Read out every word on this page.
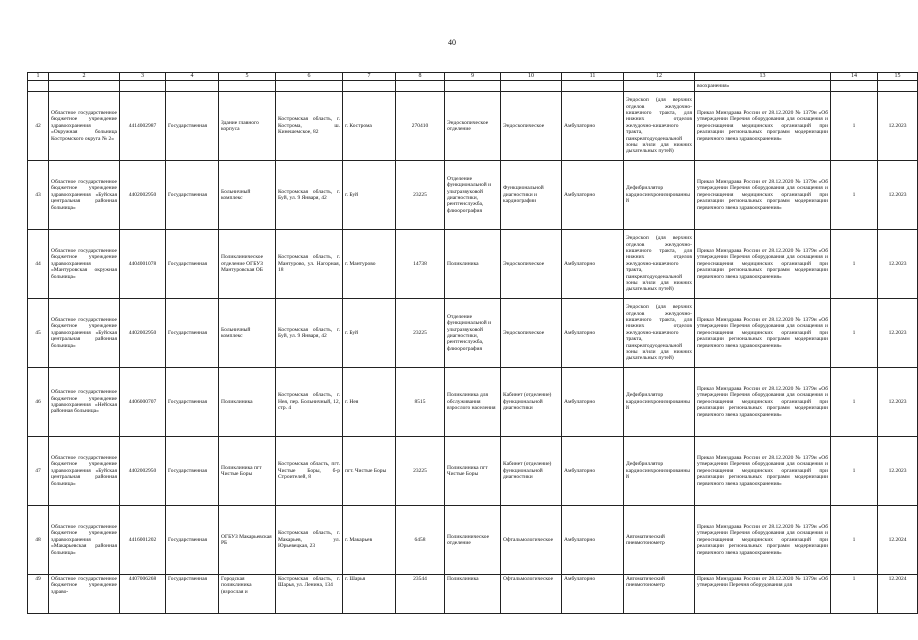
40
1	2	3	4	5	6	7	8	9	10	11	12	13	14	15
												воохранения»		
42	Областное государственное бюджетное учреждение здравоохранения «Окружная больница Костромского округа № 2»	4414002987	Государственная	Здание главного корпуса	Костромская область, г. Кострома, ш. Кинешемское, 82	г. Кострома	270410	Эндоскопическое отделение	Эндоскопическое	Амбулаторно	Эндоскоп (для верхних отделов желудочно-кишечного тракта, для нижних отделов желудочно-кишечного тракта, панкреатодуоденальной зоны и/или для нижних дыхательных путей)	Приказ Минздрава России от 28.12.2020 № 1379н «Об утверждении Перечня оборудования для оснащения и переоснащения медицинских организаций при реализации региональных программ модернизации первичного звена здравоохранения»	1	12.2023
43	Областное государственное бюджетное учреждение здравоохранения «Буйская центральная районная больница»	4402002950	Государственная	Больничный комплекс	Костромская область, г. Буй, ул. 9 Января, 42	г. Буй	23225	Отделение функциональной и ультразвуковой диагностики, рентгенслужба, флюорография	Функциональной диагностики и кардиографии	Амбулаторно	Дефибриллятор кардиосинхронизированный	Приказ Минздрава России от 28.12.2020 № 1379н «Об утверждении Перечня оборудования для оснащения и переоснащения медицинских организаций при реализации региональных программ модернизации первичного звена здравоохранения»	1	12.2023
44	Областное государственное бюджетное учреждение здравоохранения «Мантуровская окружная больница»	4404001078	Государственная	Поликлиническое отделение ОГБУЗ Мантуровская ОБ	Костромская область, г. Мантурово, ул. Нагорная, 18	г. Мантурово	14738	Поликлиника	Эндоскопическое	Амбулаторно	Эндоскоп (для верхних отделов желудочно-кишечного тракта, для нижних отделов желудочно-кишечного тракта, панкреатодуоденальной зоны и/или для нижних дыхательных путей)	Приказ Минздрава России от 28.12.2020 № 1379н «Об утверждении Перечня оборудования для оснащения и переоснащения медицинских организаций при реализации региональных программ модернизации первичного звена здравоохранения»	1	12.2023
45	Областное государственное бюджетное учреждение здравоохранения «Буйская центральная районная больница»	4402002950	Государственная	Больничный комплекс	Костромская область, г. Буй, ул. 9 Января, 42	г. Буй	23225	Отделение функциональной и ультразвуковой диагностики, рентгенслужба, флюорография	Эндоскопическое	Амбулаторно	Эндоскоп (для верхних отделов желудочно-кишечного тракта, для нижних отделов желудочно-кишечного тракта, панкреатодуоденальной зоны и/или для нижних дыхательных путей)	Приказ Минздрава России от 28.12.2020 № 1379н «Об утверждении Перечня оборудования для оснащения и переоснащения медицинских организаций при реализации региональных программ модернизации первичного звена здравоохранения»	1	12.2023
46	Областное государственное бюджетное учреждение здравоохранения «Нейская районная больница»	4406000707	Государственная	Поликлиника	Костромская область, г. Нея, пер. Больничный, 12, стр. 4	г. Нея	8515	Поликлиника для обслуживания взрослого населения	Кабинет (отделение) функциональной диагностики	Амбулаторно	Дефибриллятор кардиосинхронизированный	Приказ Минздрава России от 28.12.2020 № 1379н «Об утверждении Перечня оборудования для оснащения и переоснащения медицинских организаций при реализации региональных программ модернизации первичного звена здравоохранения»	1	12.2023
47	Областное государственное бюджетное учреждение здравоохранения «Буйская центральная районная больница»	4402002950	Государственная	Поликлиника пгт Чистые Боры	Костромская область, пгт. Чистые Боры, б-р Строителей, 8	пгт. Чистые Боры	23225	Поликлиника пгт Чистые Боры	Кабинет (отделение) функциональной диагностики	Амбулаторно	Дефибриллятор кардиосинхронизированный	Приказ Минздрава России от 28.12.2020 № 1379н «Об утверждении Перечня оборудования для оснащения и переоснащения медицинских организаций при реализации региональных программ модернизации первичного звена здравоохранения»	1	12.2023
48	Областное государственное бюджетное учреждение здравоохранения «Макарьевская районная больница»	4416001202	Государственная	ОГБУЗ Макарьевская РБ	Костромская область, г. Макарьев, ул. Юрьевецкая, 23	г. Макарьев	6458	Поликлиническое отделение	Офтальмологическое	Амбулаторно	Автоматический пневмотонометр	Приказ Минздрава России от 28.12.2020 № 1379н «Об утверждении Перечня оборудования для оснащения и переоснащения медицинских организаций при реализации региональных программ модернизации первичного звена здравоохранения»	1	12.2024
49	Областное государственное бюджетное учреждение здраво-	4407006268	Государственная	Городская поликлиника (взрослая и	Костромская область, г. Шарья, ул. Ленина, 134	г. Шарья	23544	Поликлиника	Офтальмологическое	Амбулаторно	Автоматический пневмотонометр	Приказ Минздрава России от 28.12.2020 № 1379н «Об утверждении Перечня оборудования для	1	12.2024
